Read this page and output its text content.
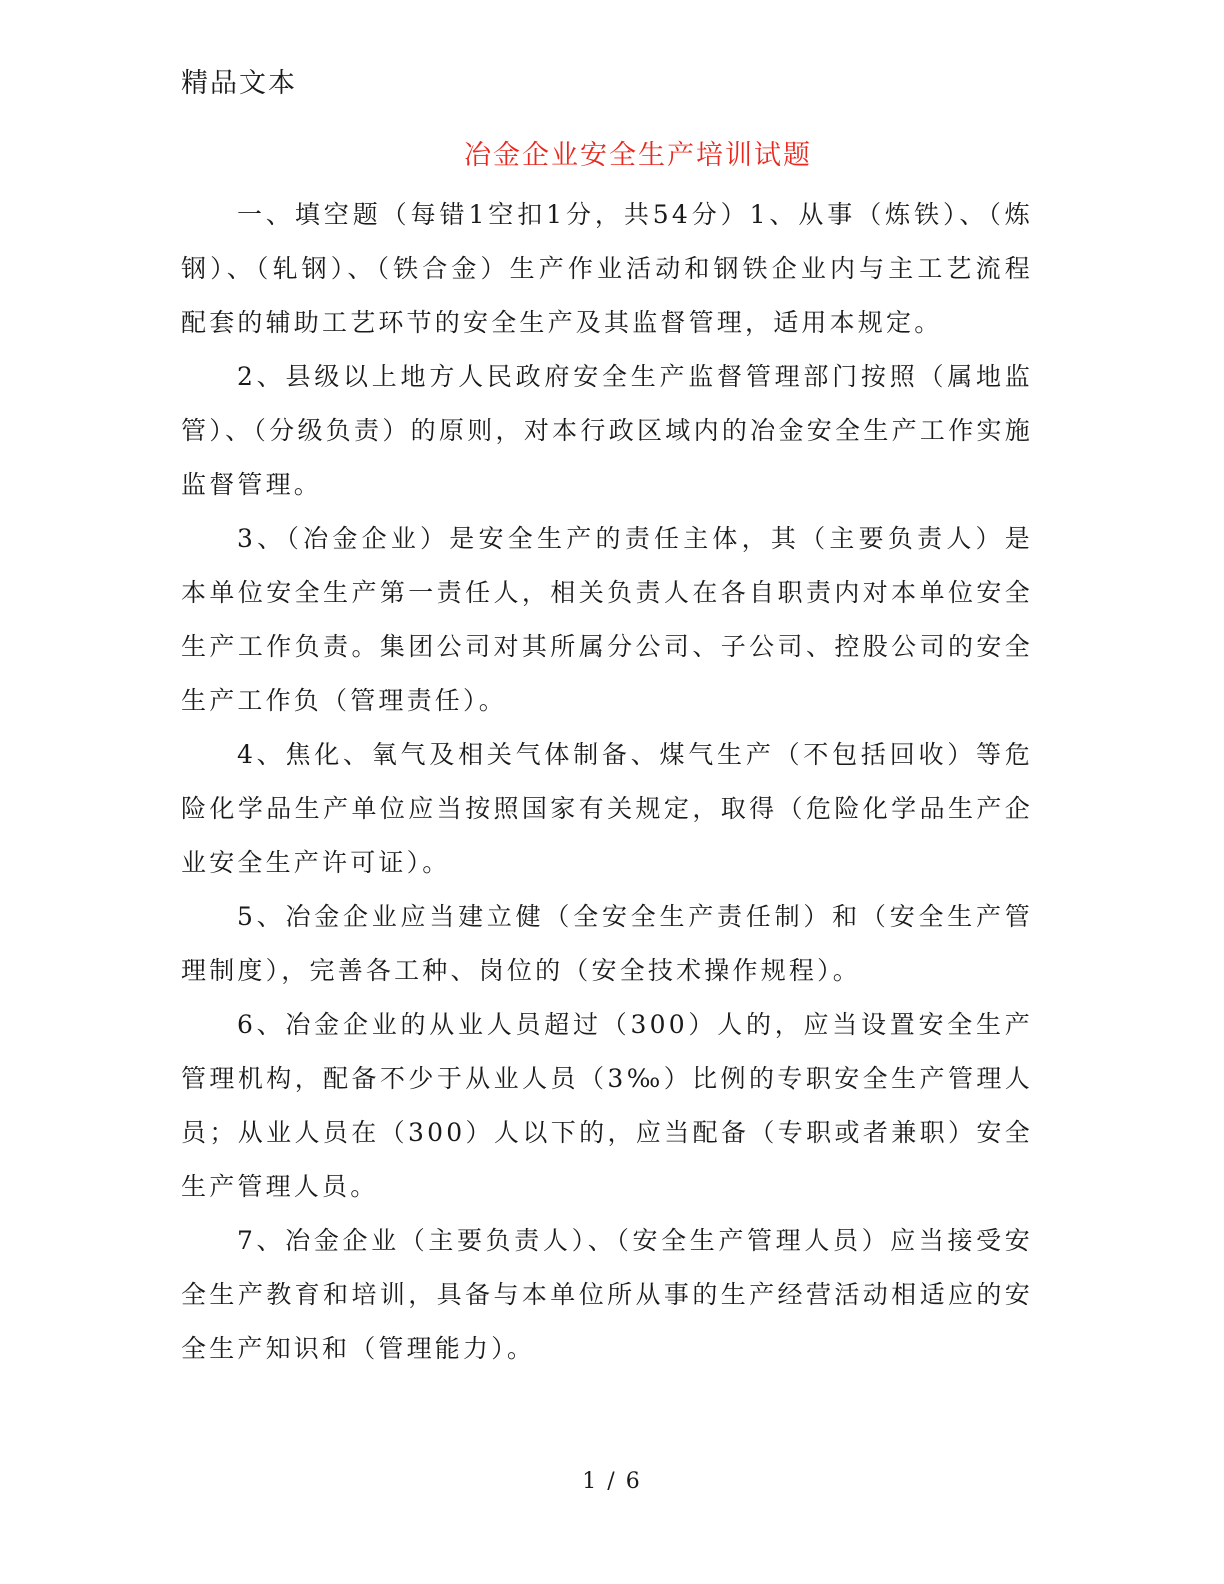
精品文本
冶金企业安全生产培训试题

一、填空题（每错1空扣1分，共54分）1、从事（炼铁）、（炼钢）、（轧钢）、（铁合金）生产作业活动和钢铁企业内与主工艺流程配套的辅助工艺环节的安全生产及其监督管理，适用本规定。

2、县级以上地方人民政府安全生产监督管理部门按照（属地监管）、（分级负责）的原则，对本行政区域内的冶金安全生产工作实施监督管理。

3、（冶金企业）是安全生产的责任主体，其（主要负责人）是本单位安全生产第一责任人，相关负责人在各自职责内对本单位安全生产工作负责。集团公司对其所属分公司、子公司、控股公司的安全生产工作负（管理责任）。

4、焦化、氧气及相关气体制备、煤气生产（不包括回收）等危险化学品生产单位应当按照国家有关规定，取得（危险化学品生产企业安全生产许可证）。

5、冶金企业应当建立健（全安全生产责任制）和（安全生产管理制度），完善各工种、岗位的（安全技术操作规程）。

6、冶金企业的从业人员超过（300）人的，应当设置安全生产管理机构，配备不少于从业人员（3‰）比例的专职安全生产管理人员；从业人员在（300）人以下的，应当配备（专职或者兼职）安全生产管理人员。

7、冶金企业（主要负责人）、（安全生产管理人员）应当接受安全生产教育和培训，具备与本单位所从事的生产经营活动相适应的安全生产知识和（管理能力）。

1 / 6
